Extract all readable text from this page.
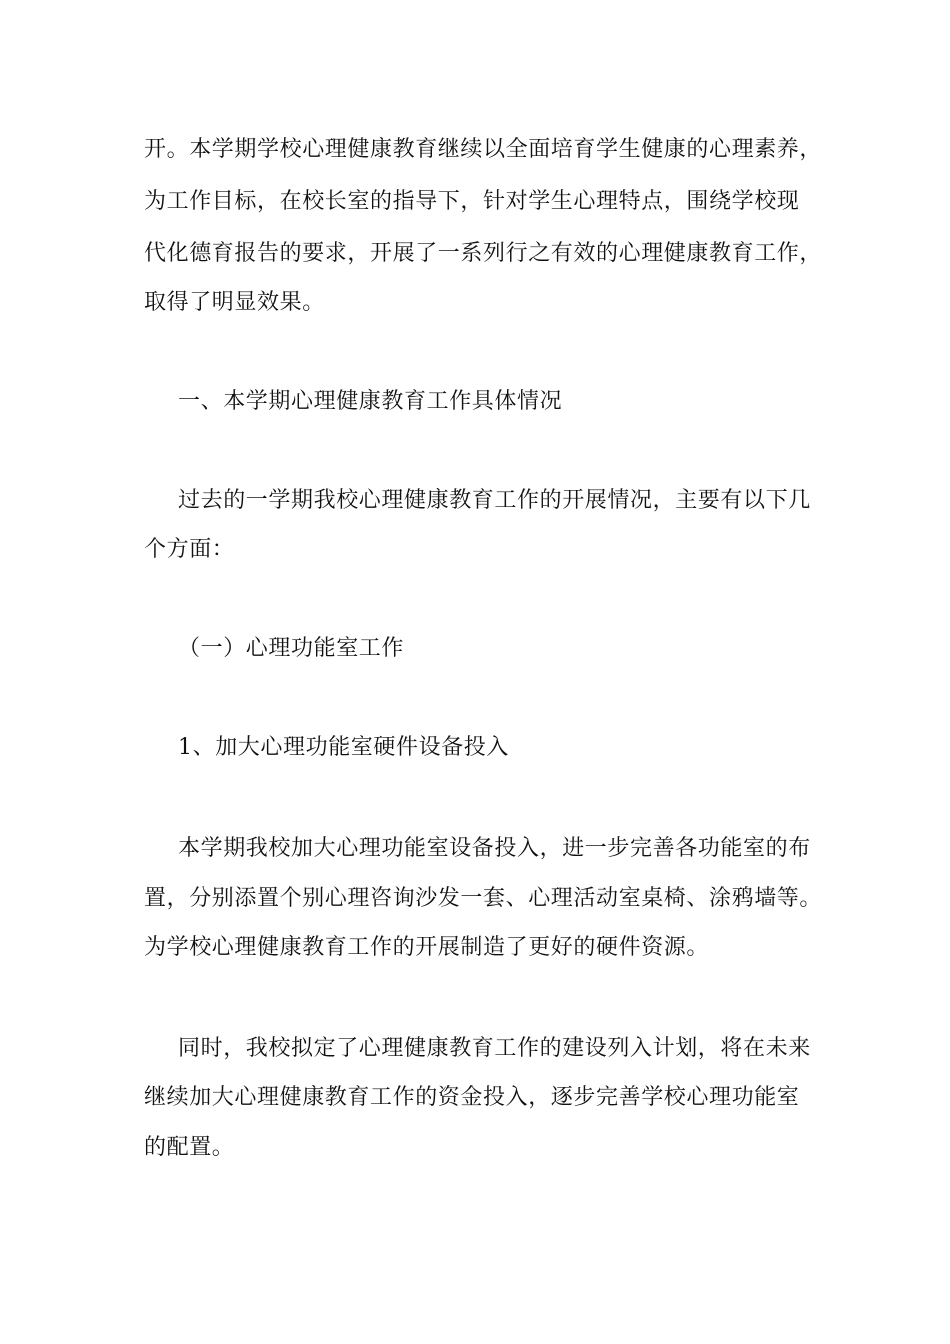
开。本学期学校心理健康教育继续以全面培育学生健康的心理素养，
为工作目标，在校长室的指导下，针对学生心理特点，围绕学校现
代化德育报告的要求，开展了一系列行之有效的心理健康教育工作，
取得了明显效果。
一、本学期心理健康教育工作具体情况
过去的一学期我校心理健康教育工作的开展情况，主要有以下几
个方面：
（一）心理功能室工作
1、加大心理功能室硬件设备投入
本学期我校加大心理功能室设备投入，进一步完善各功能室的布
置，分别添置个别心理咨询沙发一套、心理活动室桌椅、涂鸦墙等。
为学校心理健康教育工作的开展制造了更好的硬件资源。
同时，我校拟定了心理健康教育工作的建设列入计划，将在未来
继续加大心理健康教育工作的资金投入，逐步完善学校心理功能室
的配置。
